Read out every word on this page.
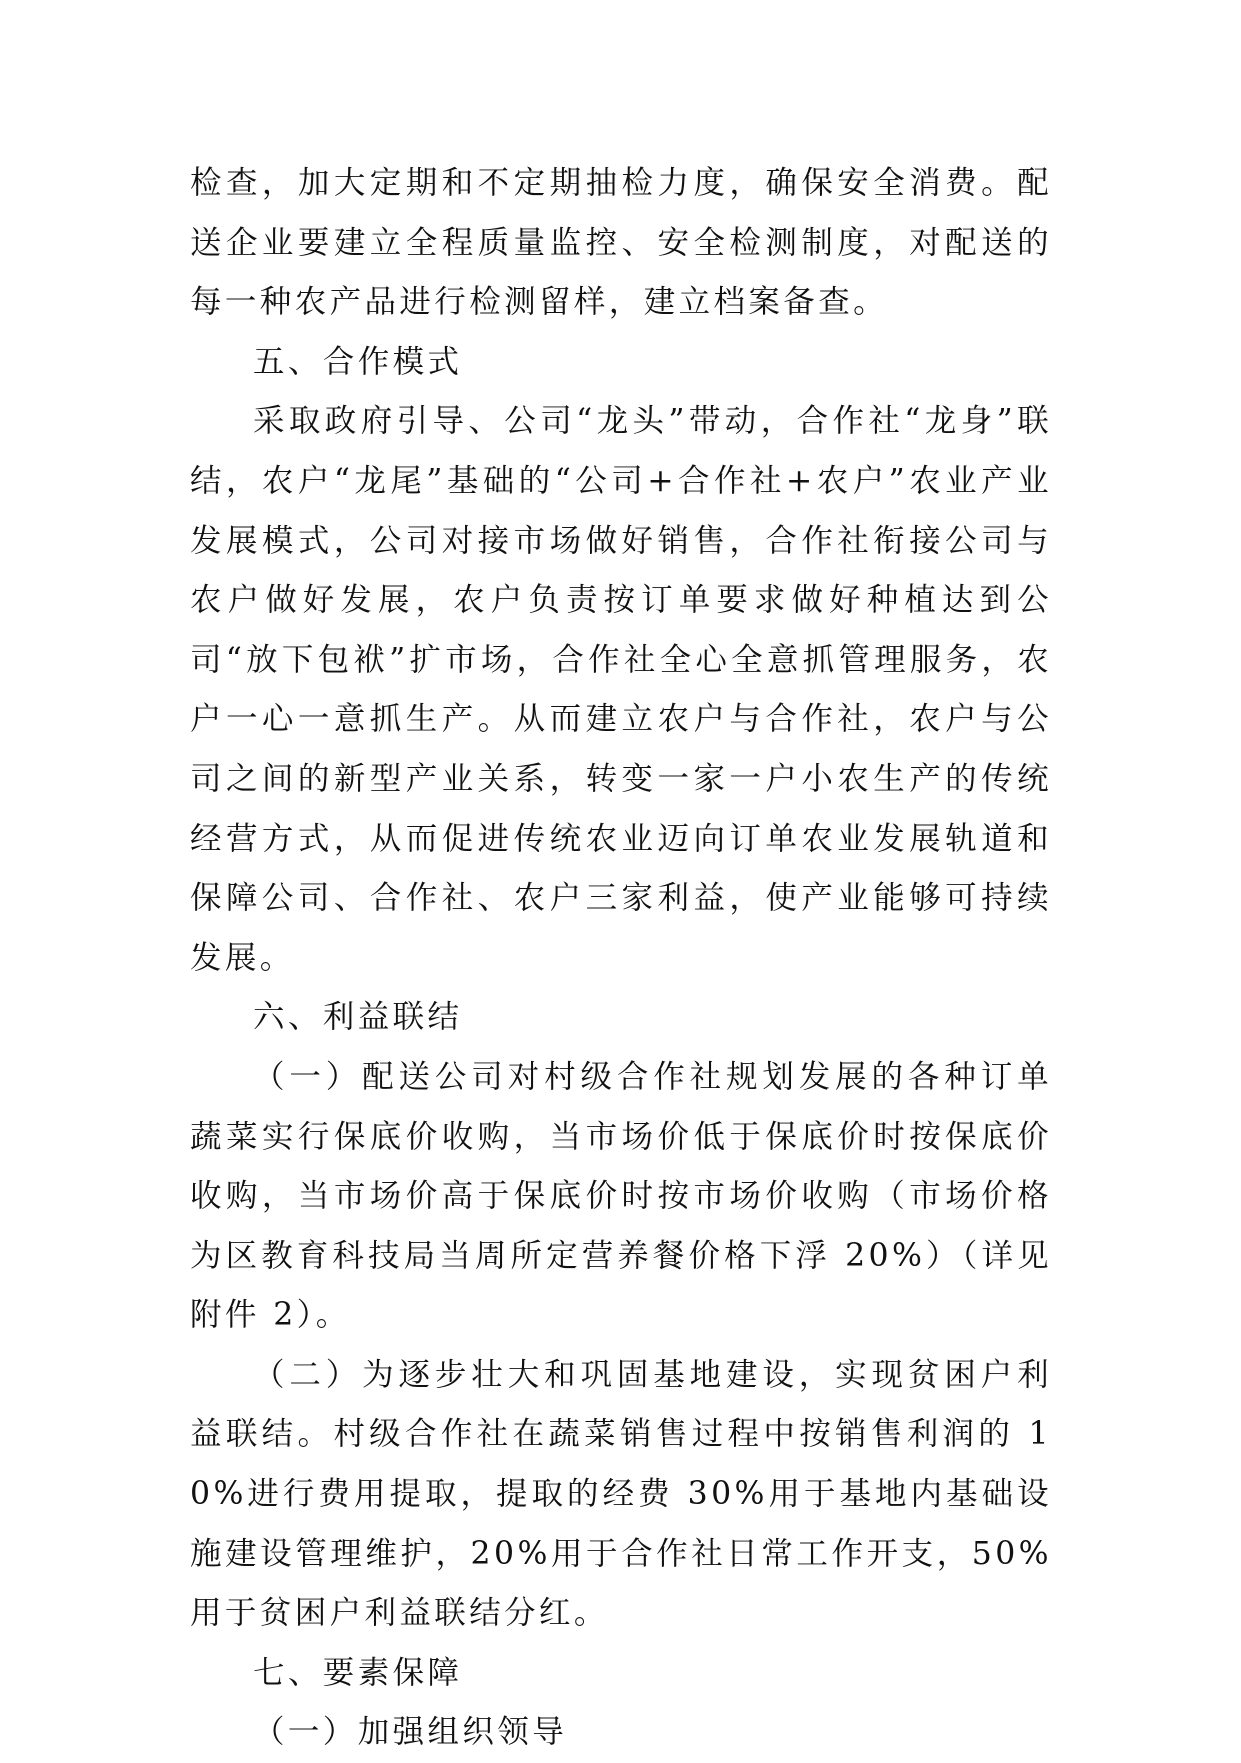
检查，加大定期和不定期抽检力度，确保安全消费。配送企业要建立全程质量监控、安全检测制度，对配送的每一种农产品进行检测留样，建立档案备查。

五、合作模式

采取政府引导、公司“龙头”带动，合作社“龙身”联结，农户“龙尾”基础的“公司+合作社+农户”农业产业发展模式，公司对接市场做好销售，合作社衔接公司与农户做好发展，农户负责按订单要求做好种植达到公司“放下包袱”扩市场，合作社全心全意抓管理服务，农户一心一意抓生产。从而建立农户与合作社，农户与公司之间的新型产业关系，转变一家一户小农生产的传统经营方式，从而促进传统农业迈向订单农业发展轨道和保障公司、合作社、农户三家利益，使产业能够可持续发展。

六、利益联结

（一）配送公司对村级合作社规划发展的各种订单蔬菜实行保底价收购，当市场价低于保底价时按保底价收购，当市场价高于保底价时按市场价收购（市场价格为区教育科技局当周所定营养餐价格下浮 20%）（详见附件 2）。

（二）为逐步壮大和巩固基地建设，实现贫困户利益联结。村级合作社在蔬菜销售过程中按销售利润的 10%进行费用提取，提取的经费 30%用于基地内基础设施建设管理维护，20%用于合作社日常工作开支，50%用于贫困户利益联结分红。

七、要素保障

（一）加强组织领导
